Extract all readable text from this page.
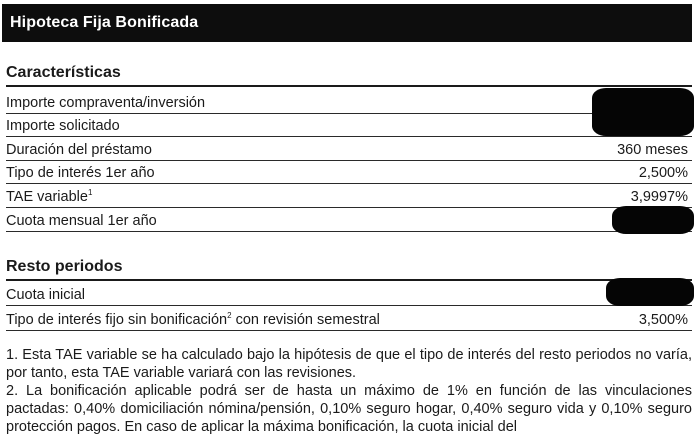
Hipoteca Fija Bonificada
Características
Importe compraventa/inversión
Importe solicitado
Duración del préstamo	360 meses
Tipo de interés 1er año	2,500%
TAE variable$^1$	3,9997%
Cuota mensual 1er año
Resto periodos
Cuota inicial
Tipo de interés fijo sin bonificación$^2$ con revisión semestral	3,500%

1. Esta TAE variable se ha calculado bajo la hipótesis de que el tipo de interés del resto periodos no varía, por tanto, esta TAE variable variará con las revisiones.

2. La bonificación aplicable podrá ser de hasta un máximo de 1% en función de las vinculaciones pactadas: 0,40% domiciliación nómina/pensión, 0,10% seguro hogar, 0,40% seguro vida y 0,10% seguro protección pagos. En caso de aplicar la máxima bonificación, la cuota inicial del
